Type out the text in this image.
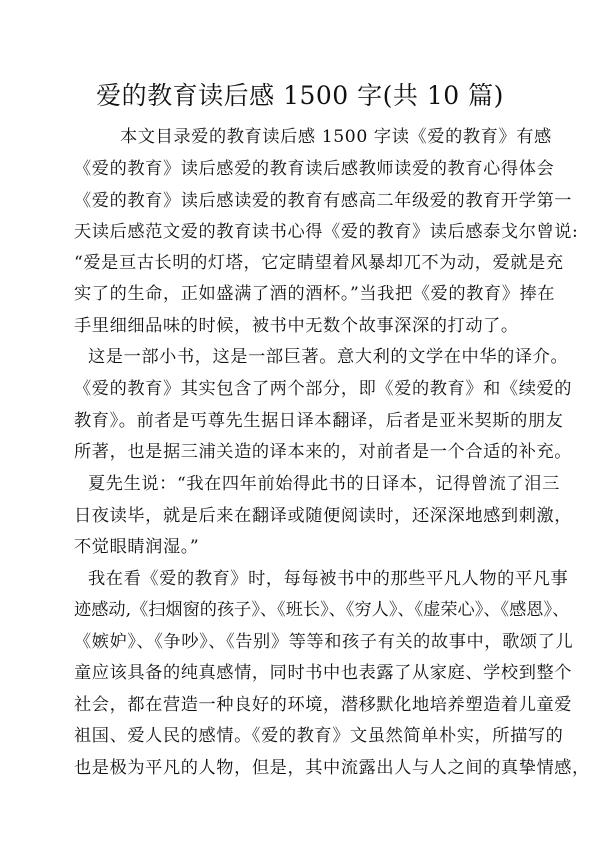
爱的教育读后感 1500 字(共 10 篇)
本文目录爱的教育读后感 1500 字读《爱的教育》有感
《爱的教育》读后感爱的教育读后感教师读爱的教育心得体会
《爱的教育》读后感读爱的教育有感高二年级爱的教育开学第一
天读后感范文爱的教育读书心得《爱的教育》读后感泰戈尔曾说:
“爱是亘古长明的灯塔，它定睛望着风暴却兀不为动，爱就是充
实了的生命，正如盛满了酒的酒杯。”当我把《爱的教育》捧在
手里细细品味的时候，被书中无数个故事深深的打动了。
这是一部小书，这是一部巨著。意大利的文学在中华的译介。
《爱的教育》其实包含了两个部分，即《爱的教育》和《续爱的
教育》。前者是丐尊先生据日译本翻译，后者是亚米契斯的朋友
所著，也是据三浦关造的译本来的，对前者是一个合适的补充。
夏先生说：“我在四年前始得此书的日译本，记得曾流了泪三
日夜读毕，就是后来在翻译或随便阅读时，还深深地感到刺激，
不觉眼睛润湿。”
我在看《爱的教育》时，每每被书中的那些平凡人物的平凡事
迹感动,《扫烟窗的孩子》、《班长》、《穷人》、《虚荣心》、《感恩》、
《嫉妒》、《争吵》、《告别》等等和孩子有关的故事中，歌颂了儿
童应该具备的纯真感情，同时书中也表露了从家庭、学校到整个
社会，都在营造一种良好的环境，潜移默化地培养塑造着儿童爱
祖国、爱人民的感情。《爱的教育》文虽然简单朴实，所描写的
也是极为平凡的人物，但是，其中流露出人与人之间的真挚情感，
